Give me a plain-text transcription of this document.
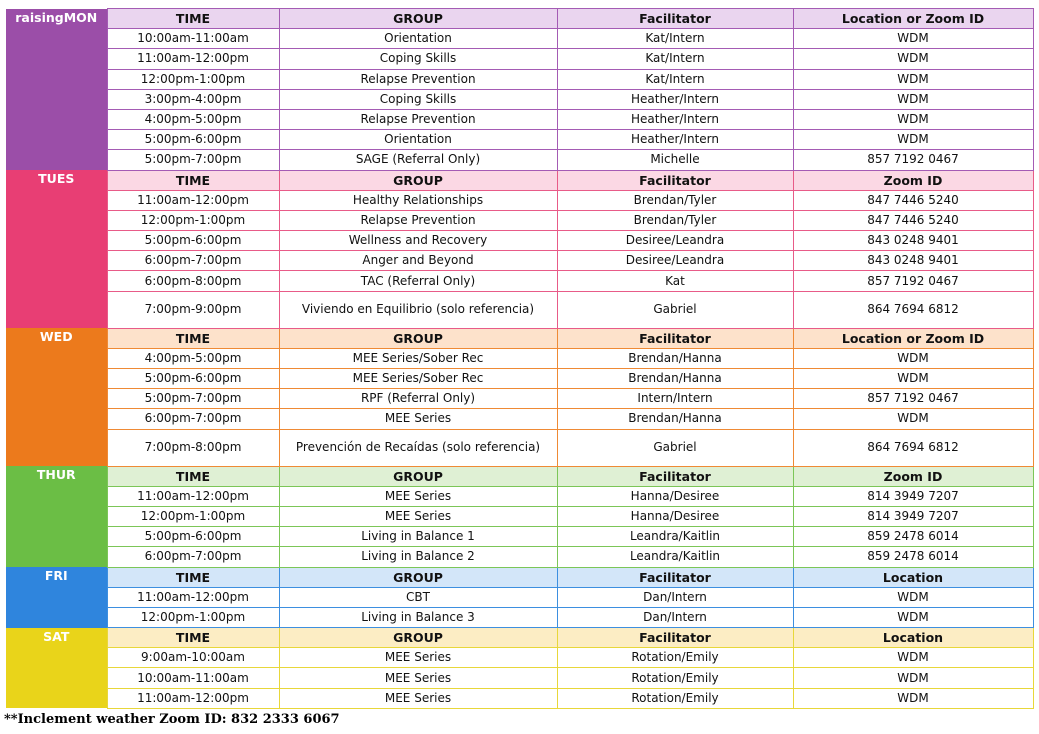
raisingMON	TIME	GROUP	Facilitator	Location or Zoom ID
	10:00am-11:00am	Orientation	Kat/Intern	WDM
	11:00am-12:00pm	Coping Skills	Kat/Intern	WDM
	12:00pm-1:00pm	Relapse Prevention	Kat/Intern	WDM
	3:00pm-4:00pm	Coping Skills	Heather/Intern	WDM
	4:00pm-5:00pm	Relapse Prevention	Heather/Intern	WDM
	5:00pm-6:00pm	Orientation	Heather/Intern	WDM
	5:00pm-7:00pm	SAGE (Referral Only)	Michelle	857 7192 0467
TUES	TIME	GROUP	Facilitator	Zoom ID
	11:00am-12:00pm	Healthy Relationships	Brendan/Tyler	847 7446 5240
	12:00pm-1:00pm	Relapse Prevention	Brendan/Tyler	847 7446 5240
	5:00pm-6:00pm	Wellness and Recovery	Desiree/Leandra	843 0248 9401
	6:00pm-7:00pm	Anger and Beyond	Desiree/Leandra	843 0248 9401
	6:00pm-8:00pm	TAC (Referral Only)	Kat	857 7192 0467
	7:00pm-9:00pm	Viviendo en Equilibrio (solo referencia)	Gabriel	864 7694 6812
WED	TIME	GROUP	Facilitator	Location or Zoom ID
	4:00pm-5:00pm	MEE Series/Sober Rec	Brendan/Hanna	WDM
	5:00pm-6:00pm	MEE Series/Sober Rec	Brendan/Hanna	WDM
	5:00pm-7:00pm	RPF (Referral Only)	Intern/Intern	857 7192 0467
	6:00pm-7:00pm	MEE Series	Brendan/Hanna	WDM
	7:00pm-8:00pm	Prevención de Recaídas (solo referencia)	Gabriel	864 7694 6812
THUR	TIME	GROUP	Facilitator	Zoom ID
	11:00am-12:00pm	MEE Series	Hanna/Desiree	814 3949 7207
	12:00pm-1:00pm	MEE Series	Hanna/Desiree	814 3949 7207
	5:00pm-6:00pm	Living in Balance 1	Leandra/Kaitlin	859 2478 6014
	6:00pm-7:00pm	Living in Balance 2	Leandra/Kaitlin	859 2478 6014
FRI	TIME	GROUP	Facilitator	Location
	11:00am-12:00pm	CBT	Dan/Intern	WDM
	12:00pm-1:00pm	Living in Balance 3	Dan/Intern	WDM
SAT	TIME	GROUP	Facilitator	Location
	9:00am-10:00am	MEE Series	Rotation/Emily	WDM
	10:00am-11:00am	MEE Series	Rotation/Emily	WDM
	11:00am-12:00pm	MEE Series	Rotation/Emily	WDM
**Inclement weather Zoom ID: 832 2333 6067
